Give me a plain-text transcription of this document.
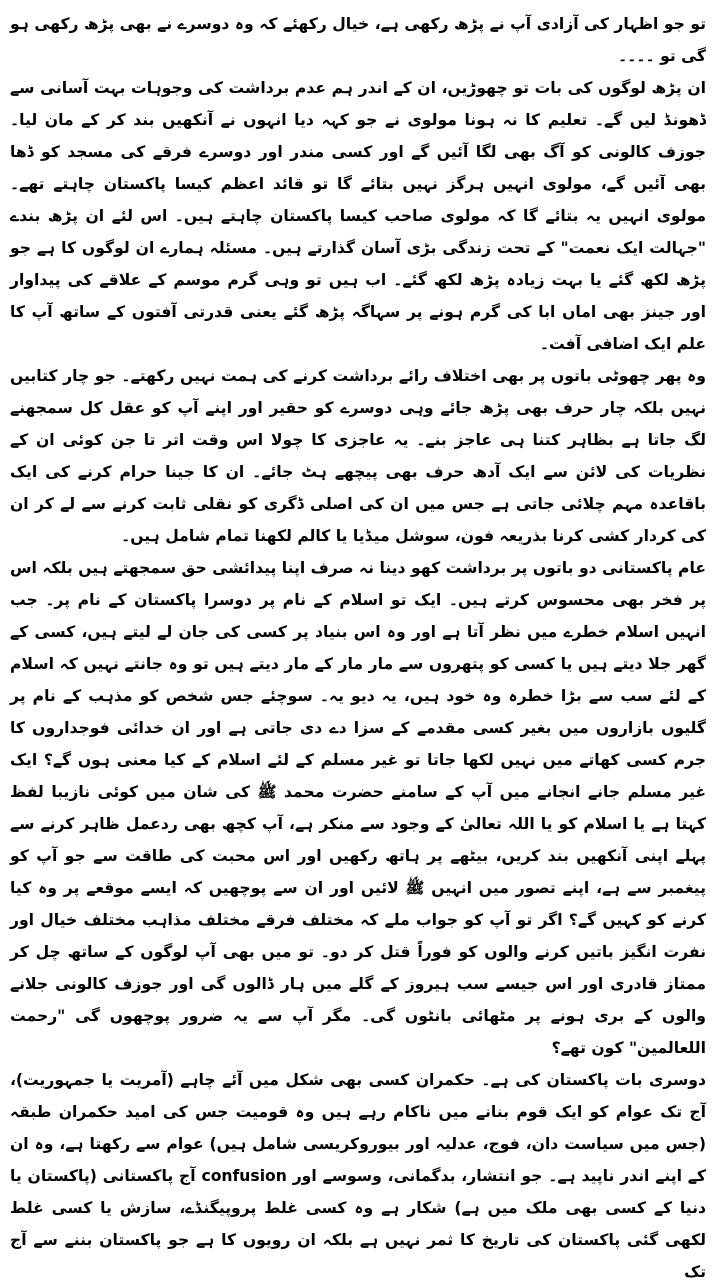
تو جو اظہار کی آزادی آپ نے پڑھ رکھی ہے، خیال رکھئے کہ وہ دوسرے نے بھی پڑھ رکھی ہو گی تو ۔۔۔۔
ان پڑھ لوگوں کی بات تو چھوڑیں، ان کے اندر ہم عدم برداشت کی وجوہات بہت آسانی سے ڈھونڈ لیں گے۔ تعلیم کا نہ ہونا مولوی نے جو کہہ دیا انہوں نے آنکھیں بند کر کے مان لیا۔ جوزف کالونی کو آگ بھی لگا آئیں گے اور کسی مندر اور دوسرے فرقے کی مسجد کو ڈھا بھی آئیں گے، مولوی انہیں ہرگز نہیں بتائے گا تو قائد اعظم کیسا پاکستان چاہتے تھے۔ مولوی انہیں یہ بتائے گا کہ مولوی صاحب کیسا پاکستان چاہتے ہیں۔ اس لئے ان پڑھ بندے "جہالت ایک نعمت" کے تحت زندگی بڑی آسان گذارتے ہیں۔ مسئلہ ہمارے ان لوگوں کا ہے جو پڑھ لکھ گئے یا بہت زیادہ پڑھ لکھ گئے۔ اب ہیں تو وہی گرم موسم کے علاقے کی پیداوار اور جینز بھی اماں ابا کی گرم ہونے پر سہاگہ پڑھ گئے یعنی قدرتی آفتوں کے ساتھ آپ کا علم ایک اضافی آفت۔
وہ پھر چھوٹی باتوں پر بھی اختلاف رائے برداشت کرنے کی ہمت نہیں رکھتے۔ جو چار کتابیں نہیں بلکہ چار حرف بھی پڑھ جائے وہی دوسرے کو حقیر اور اپنے آپ کو عقل کل سمجھنے لگ جاتا ہے بظاہر کتنا ہی عاجز بنے۔ یہ عاجزی کا چولا اس وقت اتر تا جن کوئی ان کے نظریات کی لائن سے ایک آدھ حرف بھی پیچھے ہٹ جائے۔ ان کا جینا حرام کرنے کی ایک باقاعدہ مہم چلائی جاتی ہے جس میں ان کی اصلی ڈگری کو نقلی ثابت کرنے سے لے کر ان کی کردار کشی کرنا بذریعہ فون، سوشل میڈیا یا کالم لکھنا تمام شامل ہیں۔
عام پاکستانی دو باتوں پر برداشت کھو دینا نہ صرف اپنا پیدائشی حق سمجھتے ہیں بلکہ اس پر فخر بھی محسوس کرتے ہیں۔ ایک تو اسلام کے نام پر دوسرا پاکستان کے نام پر۔ جب انہیں اسلام خطرے میں نظر آتا ہے اور وہ اس بنیاد پر کسی کی جان لے لیتے ہیں، کسی کے گھر جلا دیتے ہیں یا کسی کو پتھروں سے مار مار کے مار دیتے ہیں تو وہ جانتے نہیں کہ اسلام کے لئے سب سے بڑا خطرہ وہ خود ہیں، یہ دیو یہ۔ سوچئے جس شخص کو مذہب کے نام پر گلیوں بازاروں میں بغیر کسی مقدمے کے سزا دے دی جاتی ہے اور ان خدائی فوجداروں کا جرم کسی کھاتے میں نہیں لکھا جاتا تو غیر مسلم کے لئے اسلام کے کیا معنی ہوں گے؟ ایک غیر مسلم جانے انجانے میں آپ کے سامنے حضرت محمد ﷺ کی شان میں کوئی نازیبا لفظ کہتا ہے یا اسلام کو یا اللہ تعالیٰ کے وجود سے منکر ہے، آپ کچھ بھی ردعمل ظاہر کرنے سے پہلے اپنی آنکھیں بند کریں، بیٹھے پر ہاتھ رکھیں اور اس محبت کی طاقت سے جو آپ کو پیغمبر سے ہے، اپنے تصور میں انہیں ﷺ لائیں اور ان سے پوچھیں کہ ایسے موقعے پر وہ کیا کرنے کو کہیں گے؟ اگر تو آپ کو جواب ملے کہ مختلف فرقے مختلف مذاہب مختلف خیال اور نفرت انگیز باتیں کرنے والوں کو فوراً قتل کر دو۔ تو میں بھی آپ لوگوں کے ساتھ چل کر ممتاز قادری اور اس جیسے سب ہیروز کے گلے میں ہار ڈالوں گی اور جوزف کالونی جلانے والوں کے بری ہونے پر مٹھائی بانٹوں گی۔ مگر آپ سے یہ ضرور پوچھوں گی "رحمت اللعالمین" کون تھے؟
دوسری بات پاکستان کی ہے۔ حکمران کسی بھی شکل میں آئے چاہے (آمریت یا جمہوریت)، آج تک عوام کو ایک قوم بنانے میں ناکام رہے ہیں وہ قومیت جس کی امید حکمران طبقہ (جس میں سیاست دان، فوج، عدلیہ اور بیوروکریسی شامل ہیں) عوام سے رکھتا ہے، وہ ان کے اپنے اندر ناپید ہے۔ جو انتشار، بدگمانی، وسوسے اور confusion آج پاکستانی (پاکستان یا دنیا کے کسی بھی ملک میں ہے) شکار ہے وہ کسی غلط پروپیگنڈے، سازش یا کسی غلط لکھی گئی پاکستان کی تاریخ کا ثمر نہیں ہے بلکہ ان رویوں کا ہے جو پاکستان بننے سے آج تک
